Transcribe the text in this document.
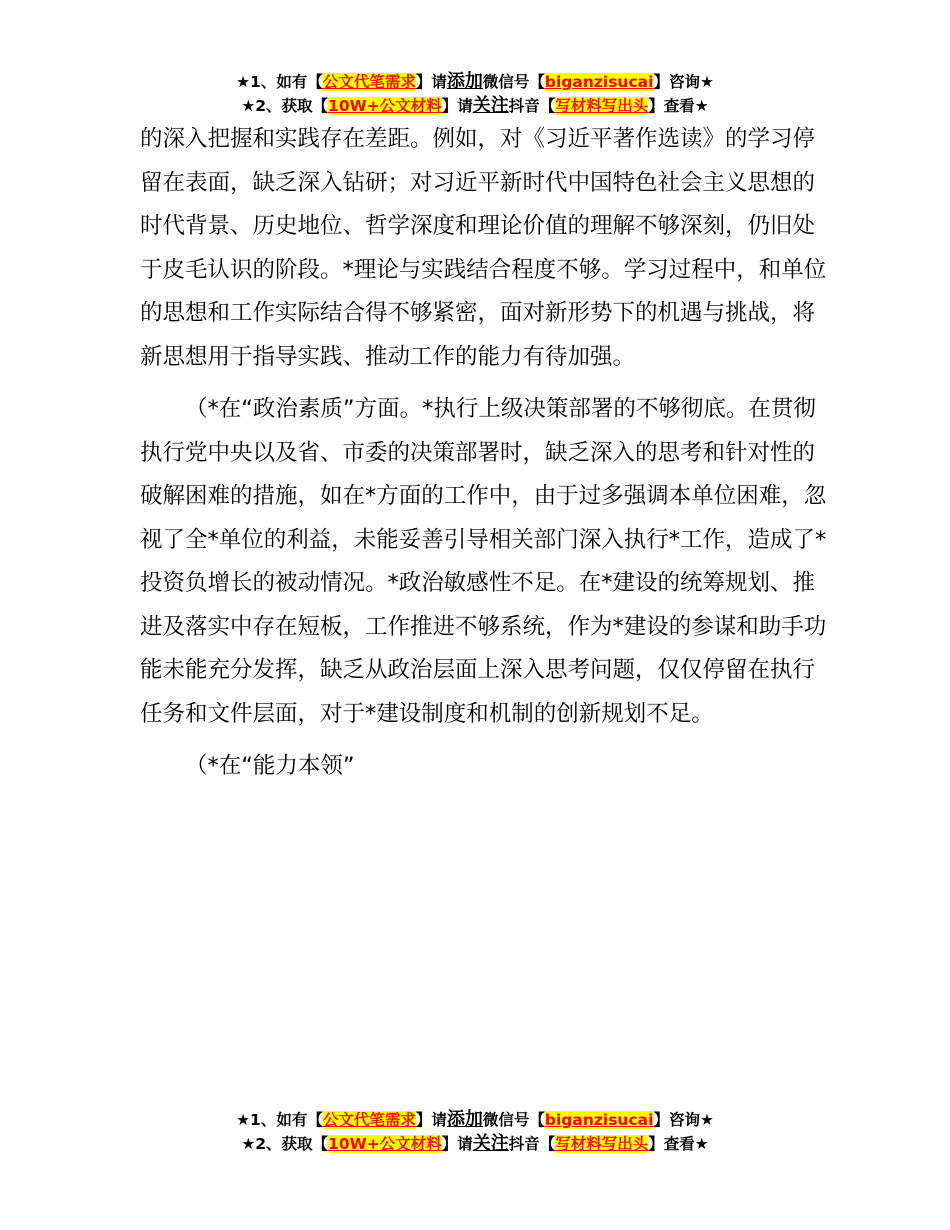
★1、如有【公文代笔需求】请添加微信号【biganzisucai】咨询★
★2、获取【10W+公文材料】请关注抖音【写材料写出头】查看★

的深入把握和实践存在差距。例如，对《习近平著作选读》的学习停留在表面，缺乏深入钻研；对习近平新时代中国特色社会主义思想的时代背景、历史地位、哲学深度和理论价值的理解不够深刻，仍旧处于皮毛认识的阶段。*理论与实践结合程度不够。学习过程中，和单位的思想和工作实际结合得不够紧密，面对新形势下的机遇与挑战，将新思想用于指导实践、推动工作的能力有待加强。

（*在“政治素质”方面。*执行上级决策部署的不够彻底。在贯彻执行党中央以及省、市委的决策部署时，缺乏深入的思考和针对性的破解困难的措施，如在*方面的工作中，由于过多强调本单位困难，忽视了全*单位的利益，未能妥善引导相关部门深入执行*工作，造成了*投资负增长的被动情况。*政治敏感性不足。在*建设的统筹规划、推进及落实中存在短板，工作推进不够系统，作为*建设的参谋和助手功能未能充分发挥，缺乏从政治层面上深入思考问题，仅仅停留在执行任务和文件层面，对于*建设制度和机制的创新规划不足。

（*在“能力本领”

★1、如有【公文代笔需求】请添加微信号【biganzisucai】咨询★
★2、获取【10W+公文材料】请关注抖音【写材料写出头】查看★
